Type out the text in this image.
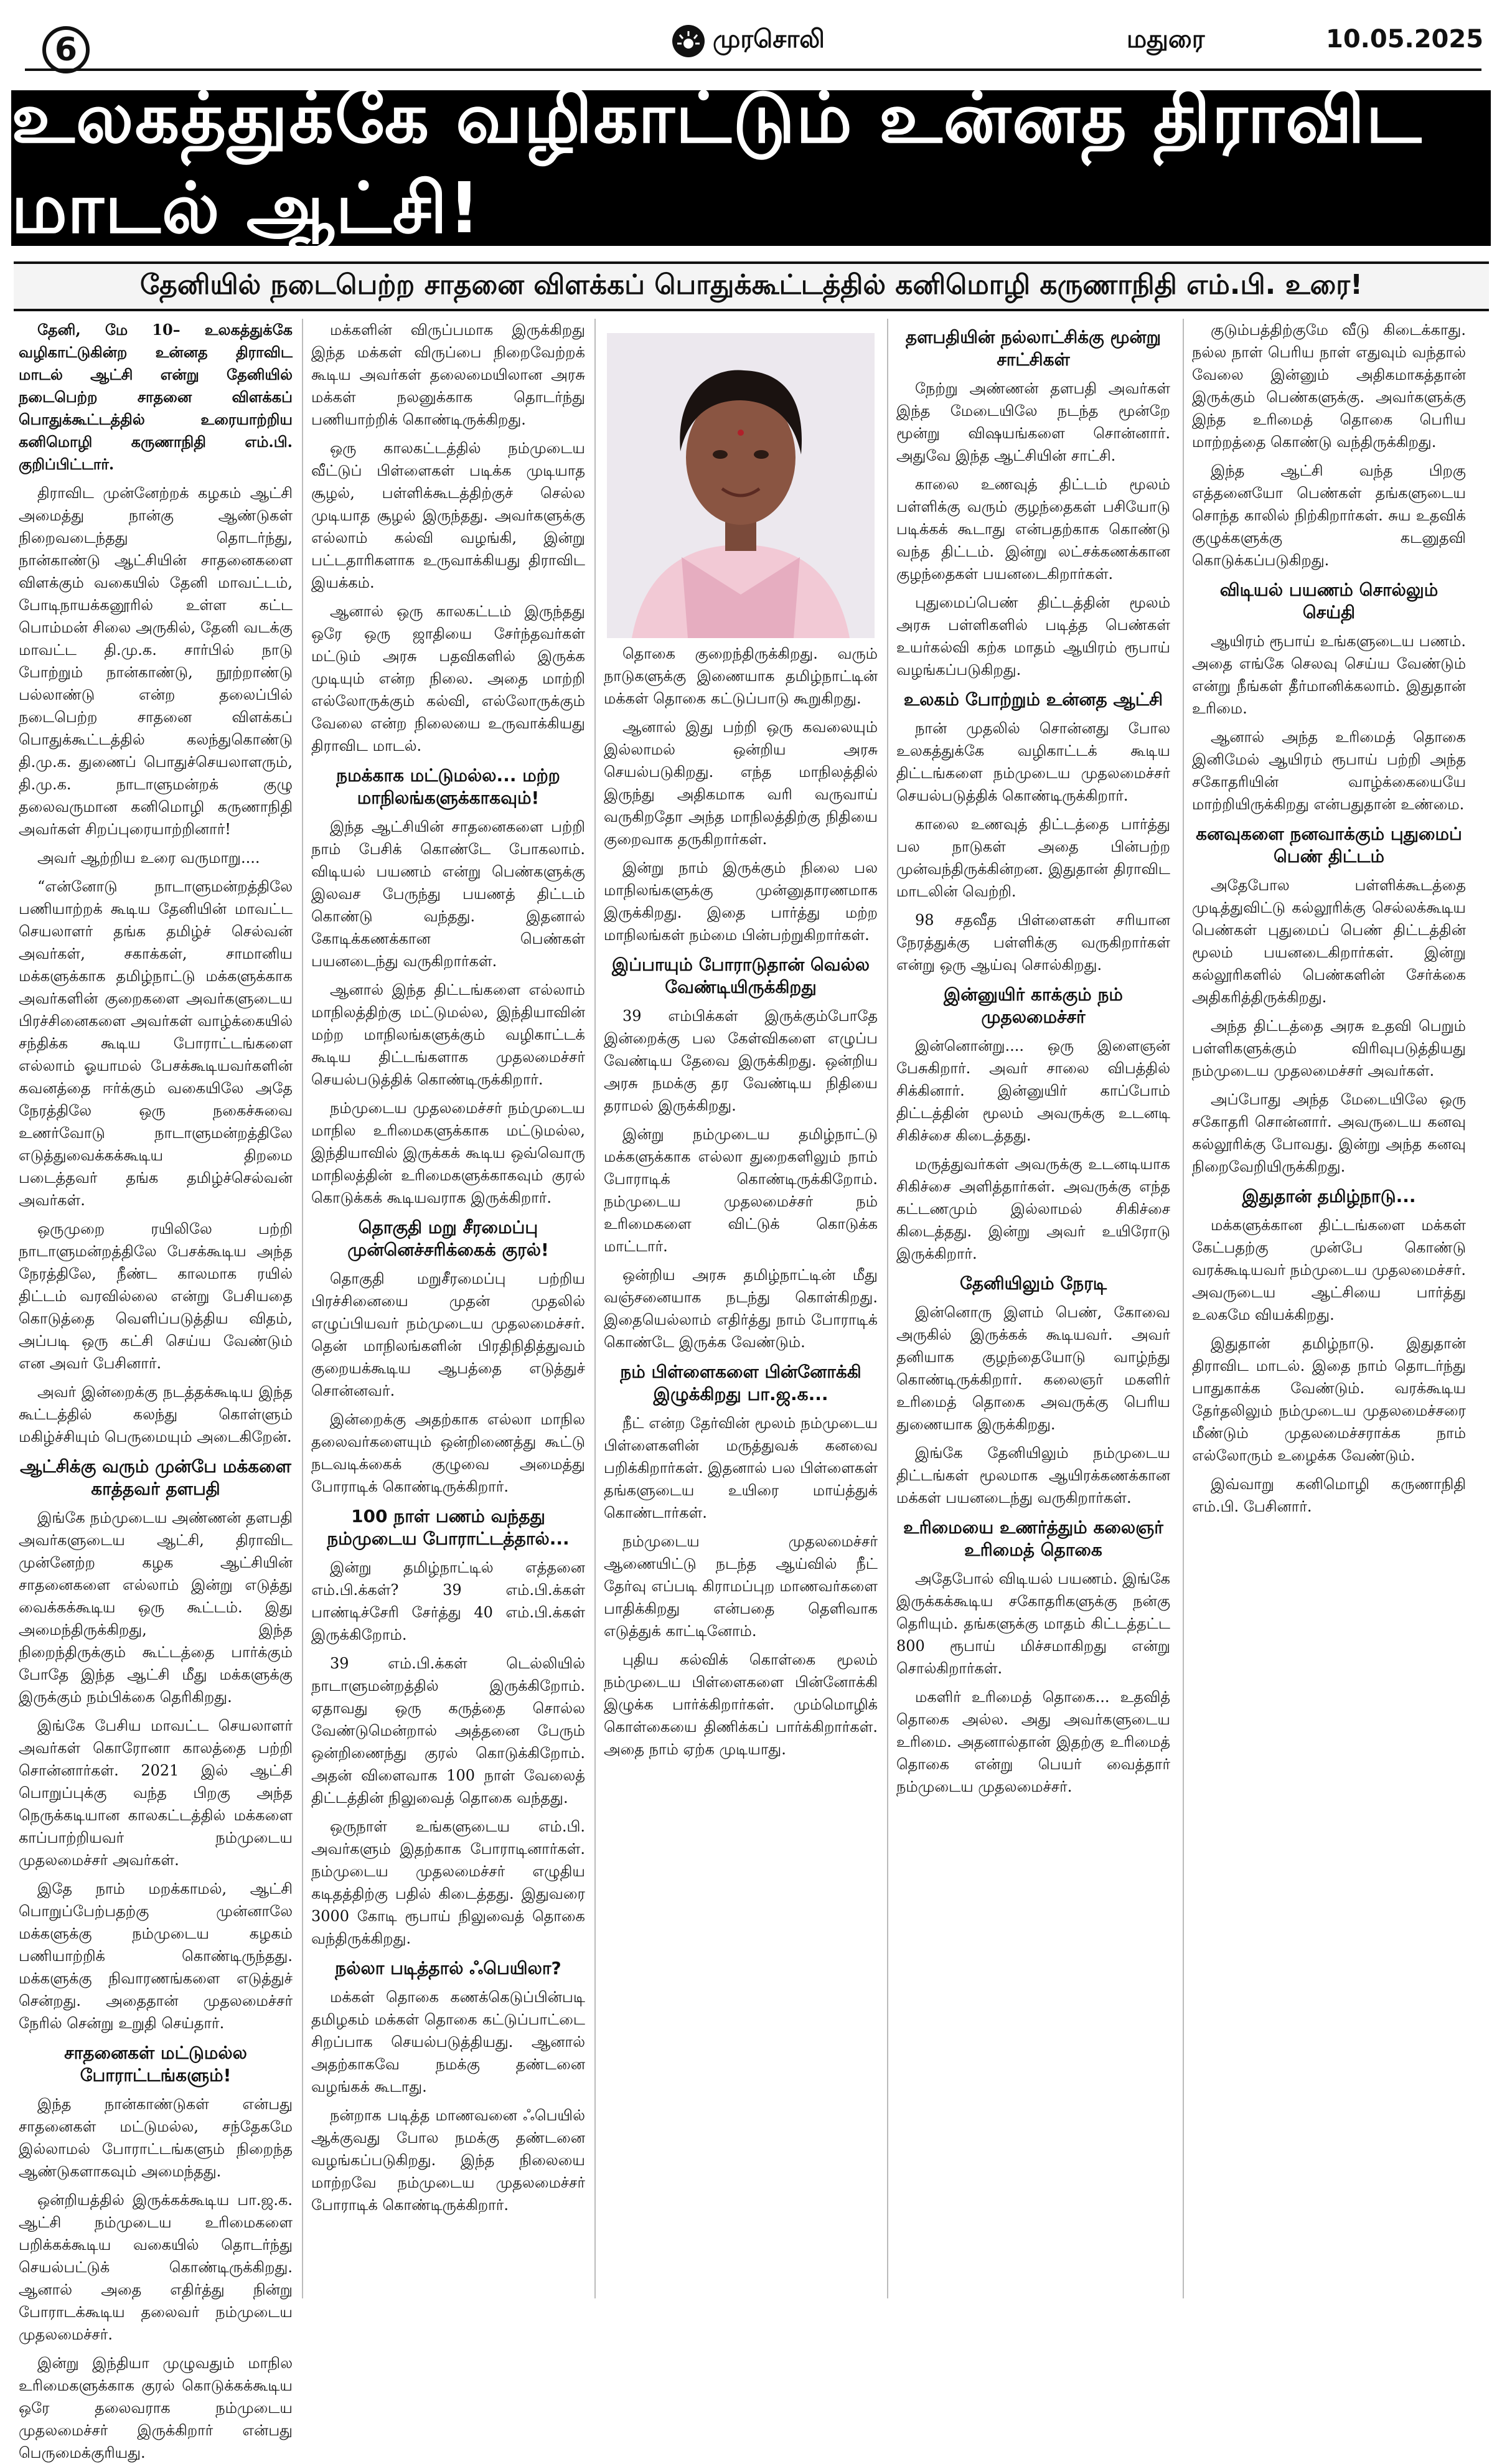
6	முரசொலி	மதுரை	10.05.2025
உலகத்துக்கே வழிகாட்டும் உன்னத திராவிட மாடல் ஆட்சி!
தேனியில் நடைபெற்ற சாதனை விளக்கப் பொதுக்கூட்டத்தில் கனிமொழி கருணாநிதி எம்.பி. உரை!

தேனி, மே 10– உலகத்துக்கே வழிகாட்டுகின்ற உன்னத திராவிட மாடல் ஆட்சி என்று தேனியில் நடைபெற்ற சாதனை விளக்கப் பொதுக்கூட்டத்தில் உரையாற்றிய கனிமொழி கருணாநிதி எம்.பி. குறிப்பிட்டார்.

திராவிட முன்னேற்றக் கழகம் ஆட்சி அமைத்து நான்கு ஆண்டுகள் நிறைவடைந்தது தொடர்ந்து, நான்காண்டு ஆட்சியின் சாதனைகளை விளக்கும் வகையில் தேனி மாவட்டம், போடிநாயக்கனூரில் உள்ள கட்ட பொம்மன் சிலை அருகில், தேனி வடக்கு மாவட்ட தி.மு.க. சார்பில் நாடு போற்றும் நான்காண்டு, நூற்றாண்டு பல்லாண்டு என்ற தலைப்பில் நடைபெற்ற சாதனை விளக்கப் பொதுக்கூட்டத்தில் கலந்துகொண்டு தி.மு.க. துணைப் பொதுச்செயலாளரும், தி.மு.க. நாடாளுமன்றக் குழு தலைவருமான கனிமொழி கருணாநிதி அவர்கள் சிறப்புரையாற்றினார்!

அவர் ஆற்றிய உரை வருமாறு....

“என்னோடு நாடாளுமன்றத்திலே பணியாற்றக் கூடிய தேனியின் மாவட்ட செயலாளர் தங்க தமிழ்ச் செல்வன் அவர்கள், சகாக்கள், சாமானிய மக்களுக்காக தமிழ்நாட்டு மக்களுக்காக அவர்களின் குறைகளை அவர்களுடைய பிரச்சினைகளை அவர்கள் வாழ்க்கையில் சந்திக்க கூடிய போராட்டங்களை எல்லாம் ஓயாமல் பேசக்கூடியவர்களின் கவனத்தை ஈர்க்கும் வகையிலே அதே நேரத்திலே ஒரு நகைச்சுவை உணர்வோடு நாடாளுமன்றத்திலே எடுத்துவைக்கக்கூடிய திறமை படைத்தவர் தங்க தமிழ்ச்செல்வன் அவர்கள்.

ஒருமுறை ரயிலிலே பற்றி நாடாளுமன்றத்திலே பேசக்கூடிய அந்த நேரத்திலே, நீண்ட காலமாக ரயில் திட்டம் வரவில்லை என்று பேசியதை கொடுத்தை வெளிப்படுத்திய விதம், அப்படி ஒரு கட்சி செய்ய வேண்டும் என அவர் பேசினார்.

அவர் இன்றைக்கு நடத்தக்கூடிய இந்த கூட்டத்தில் கலந்து கொள்ளும் மகிழ்ச்சியும் பெருமையும் அடைகிறேன்.

ஆட்சிக்கு வரும் முன்பே மக்களை காத்தவர் தளபதி

இங்கே நம்முடைய அண்ணன் தளபதி அவர்களுடைய ஆட்சி, திராவிட முன்னேற்ற கழக ஆட்சியின் சாதனைகளை எல்லாம் இன்று எடுத்து வைக்கக்கூடிய ஒரு கூட்டம். இது அமைந்திருக்கிறது, இந்த நிறைந்திருக்கும் கூட்டத்தை பார்க்கும் போதே இந்த ஆட்சி மீது மக்களுக்கு இருக்கும் நம்பிக்கை தெரிகிறது.

இங்கே பேசிய மாவட்ட செயலாளர் அவர்கள் கொரோனா காலத்தை பற்றி சொன்னார்கள். 2021 இல் ஆட்சி பொறுப்புக்கு வந்த பிறகு அந்த நெருக்கடியான காலகட்டத்தில் மக்களை காப்பாற்றியவர் நம்முடைய முதலமைச்சர் அவர்கள்.

இதே நாம் மறக்காமல், ஆட்சி பொறுப்பேற்பதற்கு முன்னாலே மக்களுக்கு நம்முடைய கழகம் பணியாற்றிக் கொண்டிருந்தது. மக்களுக்கு நிவாரணங்களை எடுத்துச் சென்றது. அதைதான் முதலமைச்சர் நேரில் சென்று உறுதி செய்தார்.

சாதனைகள் மட்டுமல்ல போராட்டங்களும்!

இந்த நான்காண்டுகள் என்பது சாதனைகள் மட்டுமல்ல, சந்தேகமே இல்லாமல் போராட்டங்களும் நிறைந்த ஆண்டுகளாகவும் அமைந்தது.

ஒன்றியத்தில் இருக்கக்கூடிய பா.ஜ.க. ஆட்சி நம்முடைய உரிமைகளை பறிக்கக்கூடிய வகையில் தொடர்ந்து செயல்பட்டுக் கொண்டிருக்கிறது. ஆனால் அதை எதிர்த்து நின்று போராடக்கூடிய தலைவர் நம்முடைய முதலமைச்சர்.

இன்று இந்தியா முழுவதும் மாநில உரிமைகளுக்காக குரல் கொடுக்கக்கூடிய ஒரே தலைவராக நம்முடைய முதலமைச்சர் இருக்கிறார் என்பது பெருமைக்குரியது.

மக்களின் விருப்பமாக இருக்கிறது இந்த மக்கள் விருப்பை நிறைவேற்றக் கூடிய அவர்கள் தலைமையிலான அரசு மக்கள் நலனுக்காக தொடர்ந்து பணியாற்றிக் கொண்டிருக்கிறது.

ஒரு காலகட்டத்தில் நம்முடைய வீட்டுப் பிள்ளைகள் படிக்க முடியாத சூழல், பள்ளிக்கூடத்திற்குச் செல்ல முடியாத சூழல் இருந்தது. அவர்களுக்கு எல்லாம் கல்வி வழங்கி, இன்று பட்டதாரிகளாக உருவாக்கியது திராவிட இயக்கம்.

ஆனால் ஒரு காலகட்டம் இருந்தது ஒரே ஒரு ஜாதியை சேர்ந்தவர்கள் மட்டும் அரசு பதவிகளில் இருக்க முடியும் என்ற நிலை. அதை மாற்றி எல்லோருக்கும் கல்வி, எல்லோருக்கும் வேலை என்ற நிலையை உருவாக்கியது திராவிட மாடல்.

நமக்காக மட்டுமல்ல... மற்ற மாநிலங்களுக்காகவும்!

இந்த ஆட்சியின் சாதனைகளை பற்றி நாம் பேசிக் கொண்டே போகலாம். விடியல் பயணம் என்று பெண்களுக்கு இலவச பேருந்து பயணத் திட்டம் கொண்டு வந்தது. இதனால் கோடிக்கணக்கான பெண்கள் பயனடைந்து வருகிறார்கள்.

ஆனால் இந்த திட்டங்களை எல்லாம் மாநிலத்திற்கு மட்டுமல்ல, இந்தியாவின் மற்ற மாநிலங்களுக்கும் வழிகாட்டக் கூடிய திட்டங்களாக முதலமைச்சர் செயல்படுத்திக் கொண்டிருக்கிறார்.

நம்முடைய முதலமைச்சர் நம்முடைய மாநில உரிமைகளுக்காக மட்டுமல்ல, இந்தியாவில் இருக்கக் கூடிய ஒவ்வொரு மாநிலத்தின் உரிமைகளுக்காகவும் குரல் கொடுக்கக் கூடியவராக இருக்கிறார்.

தொகுதி மறு சீரமைப்பு முன்னெச்சரிக்கைக் குரல்!

தொகுதி மறுசீரமைப்பு பற்றிய பிரச்சினையை முதன் முதலில் எழுப்பியவர் நம்முடைய முதலமைச்சர். தென் மாநிலங்களின் பிரதிநிதித்துவம் குறையக்கூடிய ஆபத்தை எடுத்துச் சொன்னவர்.

இன்றைக்கு அதற்காக எல்லா மாநில தலைவர்களையும் ஒன்றிணைத்து கூட்டு நடவடிக்கைக் குழுவை அமைத்து போராடிக் கொண்டிருக்கிறார்.

100 நாள் பணம் வந்தது நம்முடைய போராட்டத்தால்...

இன்று தமிழ்நாட்டில் எத்தனை எம்.பி.க்கள்? 39 எம்.பி.க்கள் பாண்டிச்சேரி சேர்த்து 40 எம்.பி.க்கள் இருக்கிறோம்.

39 எம்.பி.க்கள் டெல்லியில் நாடாளுமன்றத்தில் இருக்கிறோம். ஏதாவது ஒரு கருத்தை சொல்ல வேண்டுமென்றால் அத்தனை பேரும் ஒன்றிணைந்து குரல் கொடுக்கிறோம். அதன் விளைவாக 100 நாள் வேலைத் திட்டத்தின் நிலுவைத் தொகை வந்தது.

ஒருநாள் உங்களுடைய எம்.பி. அவர்களும் இதற்காக போராடினார்கள். நம்முடைய முதலமைச்சர் எழுதிய கடிதத்திற்கு பதில் கிடைத்தது. இதுவரை 3000 கோடி ரூபாய் நிலுவைத் தொகை வந்திருக்கிறது.

நல்லா படித்தால் ஃபெயிலா?

மக்கள் தொகை கணக்கெடுப்பின்படி தமிழகம் மக்கள் தொகை கட்டுப்பாட்டை சிறப்பாக செயல்படுத்தியது. ஆனால் அதற்காகவே நமக்கு தண்டனை வழங்கக் கூடாது.

நன்றாக படித்த மாணவனை ஃபெயில் ஆக்குவது போல நமக்கு தண்டனை வழங்கப்படுகிறது. இந்த நிலையை மாற்றவே நம்முடைய முதலமைச்சர் போராடிக் கொண்டிருக்கிறார்.

தொகை குறைந்திருக்கிறது. வரும் நாடுகளுக்கு இணையாக தமிழ்நாட்டின் மக்கள் தொகை கட்டுப்பாடு கூறுகிறது.

ஆனால் இது பற்றி ஒரு கவலையும் இல்லாமல் ஒன்றிய அரசு செயல்படுகிறது. எந்த மாநிலத்தில் இருந்து அதிகமாக வரி வருவாய் வருகிறதோ அந்த மாநிலத்திற்கு நிதியை குறைவாக தருகிறார்கள்.

இன்று நாம் இருக்கும் நிலை பல மாநிலங்களுக்கு முன்னுதாரணமாக இருக்கிறது. இதை பார்த்து மற்ற மாநிலங்கள் நம்மை பின்பற்றுகிறார்கள்.

இப்பாயும் போராடுதான் வெல்ல வேண்டியிருக்கிறது

39 எம்பிக்கள் இருக்கும்போதே இன்றைக்கு பல கேள்விகளை எழுப்ப வேண்டிய தேவை இருக்கிறது. ஒன்றிய அரசு நமக்கு தர வேண்டிய நிதியை தராமல் இருக்கிறது.

இன்று நம்முடைய தமிழ்நாட்டு மக்களுக்காக எல்லா துறைகளிலும் நாம் போராடிக் கொண்டிருக்கிறோம். நம்முடைய முதலமைச்சர் நம் உரிமைகளை விட்டுக் கொடுக்க மாட்டார்.

ஒன்றிய அரசு தமிழ்நாட்டின் மீது வஞ்சனையாக நடந்து கொள்கிறது. இதையெல்லாம் எதிர்த்து நாம் போராடிக் கொண்டே இருக்க வேண்டும்.

நம் பிள்ளைகளை பின்னோக்கி இழுக்கிறது பா.ஜ.க...

நீட் என்ற தேர்வின் மூலம் நம்முடைய பிள்ளைகளின் மருத்துவக் கனவை பறிக்கிறார்கள். இதனால் பல பிள்ளைகள் தங்களுடைய உயிரை மாய்த்துக் கொண்டார்கள்.

நம்முடைய முதலமைச்சர் ஆணையிட்டு நடந்த ஆய்வில் நீட் தேர்வு எப்படி கிராமப்புற மாணவர்களை பாதிக்கிறது என்பதை தெளிவாக எடுத்துக் காட்டினோம்.

புதிய கல்விக் கொள்கை மூலம் நம்முடைய பிள்ளைகளை பின்னோக்கி இழுக்க பார்க்கிறார்கள். மும்மொழிக் கொள்கையை திணிக்கப் பார்க்கிறார்கள். அதை நாம் ஏற்க முடியாது.

தளபதியின் நல்லாட்சிக்கு மூன்று சாட்சிகள்

நேற்று அண்ணன் தளபதி அவர்கள் இந்த மேடையிலே நடந்த மூன்றே மூன்று விஷயங்களை சொன்னார். அதுவே இந்த ஆட்சியின் சாட்சி.

காலை உணவுத் திட்டம் மூலம் பள்ளிக்கு வரும் குழந்தைகள் பசியோடு படிக்கக் கூடாது என்பதற்காக கொண்டு வந்த திட்டம். இன்று லட்சக்கணக்கான குழந்தைகள் பயனடைகிறார்கள்.

புதுமைப்பெண் திட்டத்தின் மூலம் அரசு பள்ளிகளில் படித்த பெண்கள் உயர்கல்வி கற்க மாதம் ஆயிரம் ரூபாய் வழங்கப்படுகிறது.

உலகம் போற்றும் உன்னத ஆட்சி

நான் முதலில் சொன்னது போல உலகத்துக்கே வழிகாட்டக் கூடிய திட்டங்களை நம்முடைய முதலமைச்சர் செயல்படுத்திக் கொண்டிருக்கிறார்.

காலை உணவுத் திட்டத்தை பார்த்து பல நாடுகள் அதை பின்பற்ற முன்வந்திருக்கின்றன. இதுதான் திராவிட மாடலின் வெற்றி.

98 சதவீத பிள்ளைகள் சரியான நேரத்துக்கு பள்ளிக்கு வருகிறார்கள் என்று ஒரு ஆய்வு சொல்கிறது.

இன்னுயிர் காக்கும் நம் முதலமைச்சர்

இன்னொன்று.... ஒரு இளைஞன் பேசுகிறார். அவர் சாலை விபத்தில் சிக்கினார். இன்னுயிர் காப்போம் திட்டத்தின் மூலம் அவருக்கு உடனடி சிகிச்சை கிடைத்தது.

மருத்துவர்கள் அவருக்கு உடனடியாக சிகிச்சை அளித்தார்கள். அவருக்கு எந்த கட்டணமும் இல்லாமல் சிகிச்சை கிடைத்தது. இன்று அவர் உயிரோடு இருக்கிறார்.

தேனியிலும் நேரடி

இன்னொரு இளம் பெண், கோவை அருகில் இருக்கக் கூடியவர். அவர் தனியாக குழந்தையோடு வாழ்ந்து கொண்டிருக்கிறார். கலைஞர் மகளிர் உரிமைத் தொகை அவருக்கு பெரிய துணையாக இருக்கிறது.

இங்கே தேனியிலும் நம்முடைய திட்டங்கள் மூலமாக ஆயிரக்கணக்கான மக்கள் பயனடைந்து வருகிறார்கள்.

உரிமையை உணர்த்தும் கலைஞர் உரிமைத் தொகை

அதேபோல் விடியல் பயணம். இங்கே இருக்கக்கூடிய சகோதரிகளுக்கு நன்கு தெரியும். தங்களுக்கு மாதம் கிட்டத்தட்ட 800 ரூபாய் மிச்சமாகிறது என்று சொல்கிறார்கள்.

மகளிர் உரிமைத் தொகை... உதவித் தொகை அல்ல. அது அவர்களுடைய உரிமை. அதனால்தான் இதற்கு உரிமைத் தொகை என்று பெயர் வைத்தார் நம்முடைய முதலமைச்சர்.

குடும்பத்திற்குமே வீடு கிடைக்காது. நல்ல நாள் பெரிய நாள் எதுவும் வந்தால் வேலை இன்னும் அதிகமாகத்தான் இருக்கும் பெண்களுக்கு. அவர்களுக்கு இந்த உரிமைத் தொகை பெரிய மாற்றத்தை கொண்டு வந்திருக்கிறது.

இந்த ஆட்சி வந்த பிறகு எத்தனையோ பெண்கள் தங்களுடைய சொந்த காலில் நிற்கிறார்கள். சுய உதவிக் குழுக்களுக்கு கடனுதவி கொடுக்கப்படுகிறது.

விடியல் பயணம் சொல்லும் செய்தி

ஆயிரம் ரூபாய் உங்களுடைய பணம். அதை எங்கே செலவு செய்ய வேண்டும் என்று நீங்கள் தீர்மானிக்கலாம். இதுதான் உரிமை.

ஆனால் அந்த உரிமைத் தொகை இனிமேல் ஆயிரம் ரூபாய் பற்றி அந்த சகோதரியின் வாழ்க்கையையே மாற்றியிருக்கிறது என்பதுதான் உண்மை.

கனவுகளை நனவாக்கும் புதுமைப் பெண் திட்டம்

அதேபோல பள்ளிக்கூடத்தை முடித்துவிட்டு கல்லூரிக்கு செல்லக்கூடிய பெண்கள் புதுமைப் பெண் திட்டத்தின் மூலம் பயனடைகிறார்கள். இன்று கல்லூரிகளில் பெண்களின் சேர்க்கை அதிகரித்திருக்கிறது.

அந்த திட்டத்தை அரசு உதவி பெறும் பள்ளிகளுக்கும் விரிவுபடுத்தியது நம்முடைய முதலமைச்சர் அவர்கள்.

அப்போது அந்த மேடையிலே ஒரு சகோதரி சொன்னார். அவருடைய கனவு கல்லூரிக்கு போவது. இன்று அந்த கனவு நிறைவேறியிருக்கிறது.

இதுதான் தமிழ்நாடு...

மக்களுக்கான திட்டங்களை மக்கள் கேட்பதற்கு முன்பே கொண்டு வரக்கூடியவர் நம்முடைய முதலமைச்சர். அவருடைய ஆட்சியை பார்த்து உலகமே வியக்கிறது.

இதுதான் தமிழ்நாடு. இதுதான் திராவிட மாடல். இதை நாம் தொடர்ந்து பாதுகாக்க வேண்டும். வரக்கூடிய தேர்தலிலும் நம்முடைய முதலமைச்சரை மீண்டும் முதலமைச்சராக்க நாம் எல்லோரும் உழைக்க வேண்டும்.

இவ்வாறு கனிமொழி கருணாநிதி எம்.பி. பேசினார்.
